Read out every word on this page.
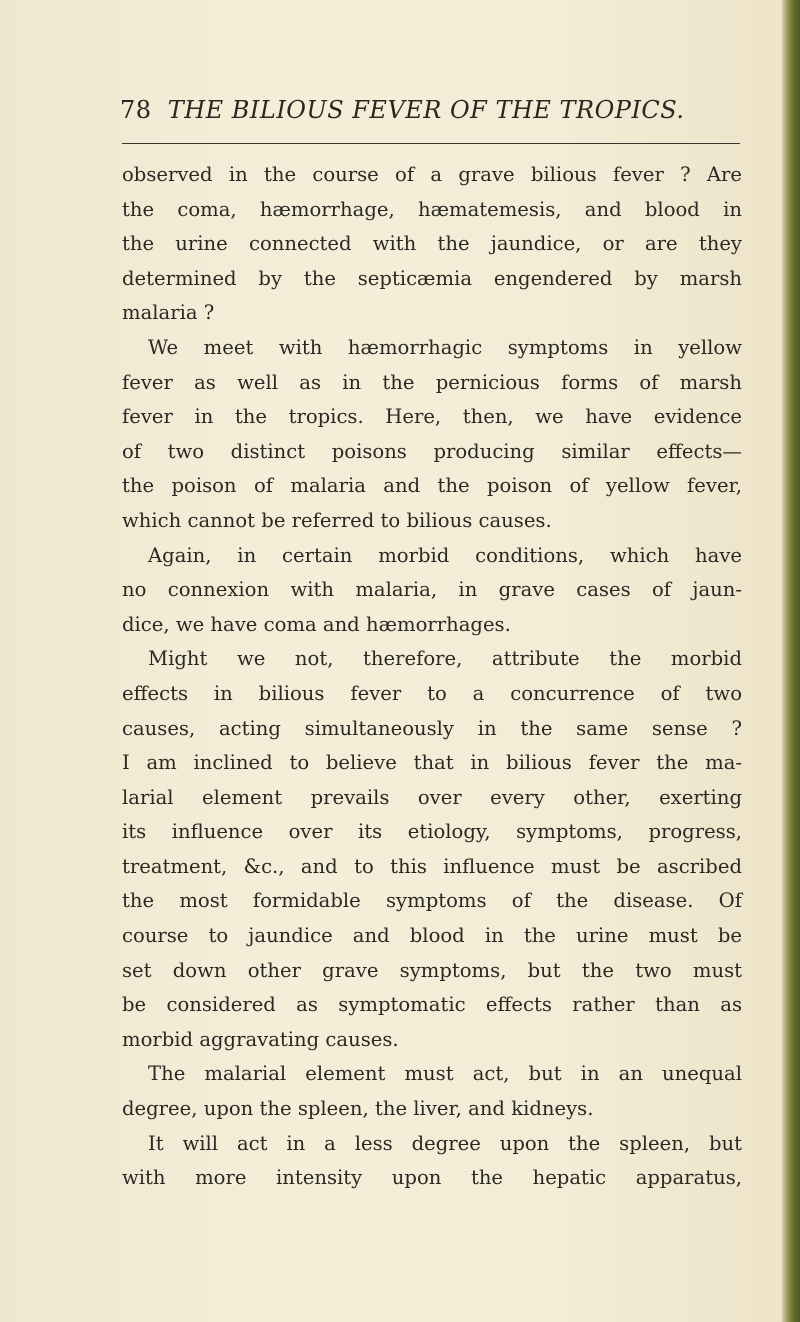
78 THE BILIOUS FEVER OF THE TROPICS.
observed in the course of a grave bilious fever ? Are
the coma, hæmorrhage, hæmatemesis, and blood in
the urine connected with the jaundice, or are they
determined by the septicæmia engendered by marsh
malaria ?
We meet with hæmorrhagic symptoms in yellow
fever as well as in the pernicious forms of marsh
fever in the tropics. Here, then, we have evidence
of two distinct poisons producing similar effects—
the poison of malaria and the poison of yellow fever,
which cannot be referred to bilious causes.
Again, in certain morbid conditions, which have
no connexion with malaria, in grave cases of jaun-
dice, we have coma and hæmorrhages.
Might we not, therefore, attribute the morbid
effects in bilious fever to a concurrence of two
causes, acting simultaneously in the same sense ?
I am inclined to believe that in bilious fever the ma-
larial element prevails over every other, exerting
its influence over its etiology, symptoms, progress,
treatment, &c., and to this influence must be ascribed
the most formidable symptoms of the disease. Of
course to jaundice and blood in the urine must be
set down other grave symptoms, but the two must
be considered as symptomatic effects rather than as
morbid aggravating causes.
The malarial element must act, but in an unequal
degree, upon the spleen, the liver, and kidneys.
It will act in a less degree upon the spleen, but
with more intensity upon the hepatic apparatus,
